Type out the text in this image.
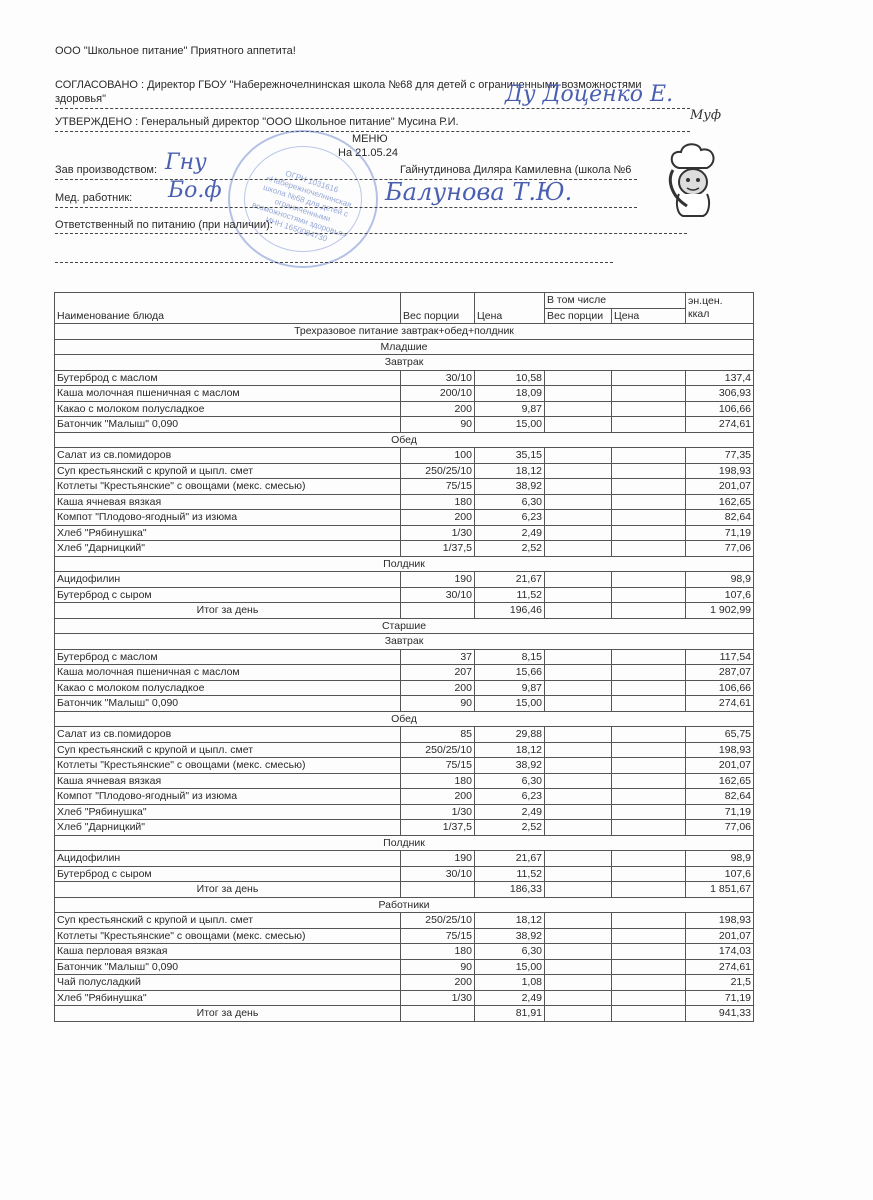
ООО "Школьное питание" Приятного аппетита!
СОГЛАСОВАНО : Директор ГБОУ "Набережночелнинская школа №68 для детей с ограниченными возможностями
здоровья"	Ду Доценко Е.
УТВЕРЖДЕНО : Генеральный директор "ООО Школьное питание" Мусина Р.И.	Муф
ОГРН 1031616 «Набережночелнинская школа №68 для детей с ограниченными возможностями здоровья» ИНН 1650084730
МЕНЮ
На 21.05.24
Зав производством: Гну	Гайнутдинова Диляра Камилевна (школа №6
Мед. работник: Бо.ф	Балунова Т.Ю.
Ответственный по питанию (при наличии):
Наименование блюда	Вес порции	Цена	В том числе		эн.цен.
ккал

			Вес порции	Цена	
Трехразовое питание завтрак+обед+полдник					
Младшие					
Завтрак					
Бутерброд с маслом	30/10	10,58			137,4
Каша молочная пшеничная с маслом	200/10	18,09			306,93
Какао с молоком полусладкое	200	9,87			106,66
Батончик "Малыш" 0,090	90	15,00			274,61
Обед					
Салат из св.помидоров	100	35,15			77,35
Суп крестьянский с крупой и цыпл. смет	250/25/10	18,12			198,93
Котлеты "Крестьянские" с овощами (мекс. смесью)	75/15	38,92			201,07
Каша ячневая вязкая	180	6,30			162,65
Компот "Плодово-ягодный" из изюма	200	6,23			82,64
Хлеб "Рябинушка"	1/30	2,49			71,19
Хлеб "Дарницкий"	1/37,5	2,52			77,06
Полдник					
Ацидофилин	190	21,67			98,9
Бутерброд с сыром	30/10	11,52			107,6
Итог за день		196,46			1 902,99
Старшие					
Завтрак					
Бутерброд с маслом	37	8,15			117,54
Каша молочная пшеничная с маслом	207	15,66			287,07
Какао с молоком полусладкое	200	9,87			106,66
Батончик "Малыш" 0,090	90	15,00			274,61
Обед					
Салат из св.помидоров	85	29,88			65,75
Суп крестьянский с крупой и цыпл. смет	250/25/10	18,12			198,93
Котлеты "Крестьянские" с овощами (мекс. смесью)	75/15	38,92			201,07
Каша ячневая вязкая	180	6,30			162,65
Компот "Плодово-ягодный" из изюма	200	6,23			82,64
Хлеб "Рябинушка"	1/30	2,49			71,19
Хлеб "Дарницкий"	1/37,5	2,52			77,06
Полдник					
Ацидофилин	190	21,67			98,9
Бутерброд с сыром	30/10	11,52			107,6
Итог за день		186,33			1 851,67
Работники					
Суп крестьянский с крупой и цыпл. смет	250/25/10	18,12			198,93
Котлеты "Крестьянские" с овощами (мекс. смесью)	75/15	38,92			201,07
Каша перловая вязкая	180	6,30			174,03
Батончик "Малыш" 0,090	90	15,00			274,61
Чай полусладкий	200	1,08			21,5
Хлеб "Рябинушка"	1/30	2,49			71,19
Итог за день		81,91			941,33
